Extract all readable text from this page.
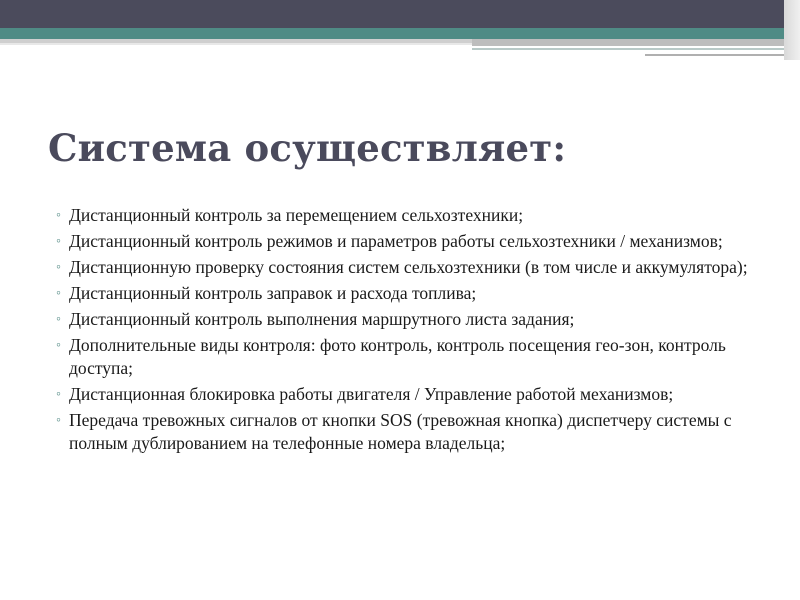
Система осуществляет:
◦ Дистанционный контроль за перемещением сельхозтехники;
◦ Дистанционный контроль режимов и параметров работы сельхозтехники / механизмов;
◦ Дистанционную проверку состояния систем сельхозтехники (в том числе и аккумулятора);
◦ Дистанционный контроль заправок и расхода топлива;
◦ Дистанционный контроль выполнения маршрутного листа задания;
◦ Дополнительные виды контроля: фото контроль, контроль посещения гео-зон, контроль доступа;
◦ Дистанционная блокировка работы двигателя / Управление работой механизмов;
◦ Передача тревожных сигналов от кнопки SOS (тревожная кнопка) диспетчеру системы с полным дублированием на телефонные номера владельца;
